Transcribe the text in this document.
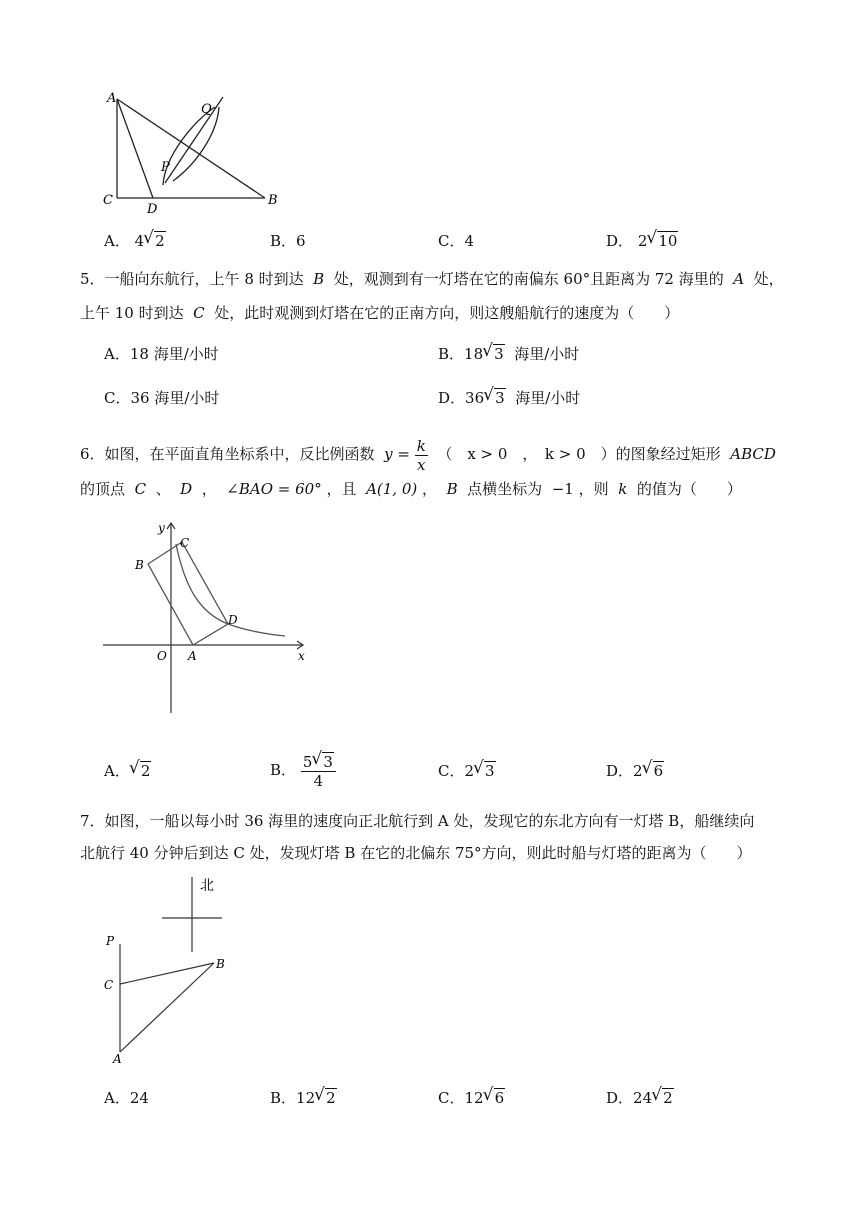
A
Q
P
C
D
B
A． 4 √ 2	B．6	C．4	D． 2 √ 10
5．一船向东航行，上午 8 时到达 B 处，观测到有一灯塔在它的南偏东 60°且距离为 72 海里的 A 处，
上午 10 时到达 C 处，此时观测到灯塔在它的正南方向，则这艘船航行的速度为（　　）
A．18 海里/小时	B．18 √ 3 海里/小时
C．36 海里/小时	D．36 √ 3 海里/小时
6．如图，在平面直角坐标系中，反比例函数 $y = \frac{k}{x}$ （　x > 0　，　k > 0　）的图象经过矩形 ABCD
的顶点 C 、 D ， ∠BAO = 60° ，且 A(1, 0) ， B 点横坐标为 −1 ，则 k 的值为（　　）
y
C
B
D
O A	x
A． √ 2	B． $\frac{5 √ 3}{4}$	C．2 √ 3	D．2 √ 6
7．如图，一船以每小时 36 海里的速度向正北航行到 A 处，发现它的东北方向有一灯塔 B，船继续向
北航行 40 分钟后到达 C 处，发现灯塔 B 在它的北偏东 75°方向，则此时船与灯塔的距离为（　　）
北
P
C
B
A
A．24	B．12 √ 2	C．12 √ 6	D．24 √ 2
